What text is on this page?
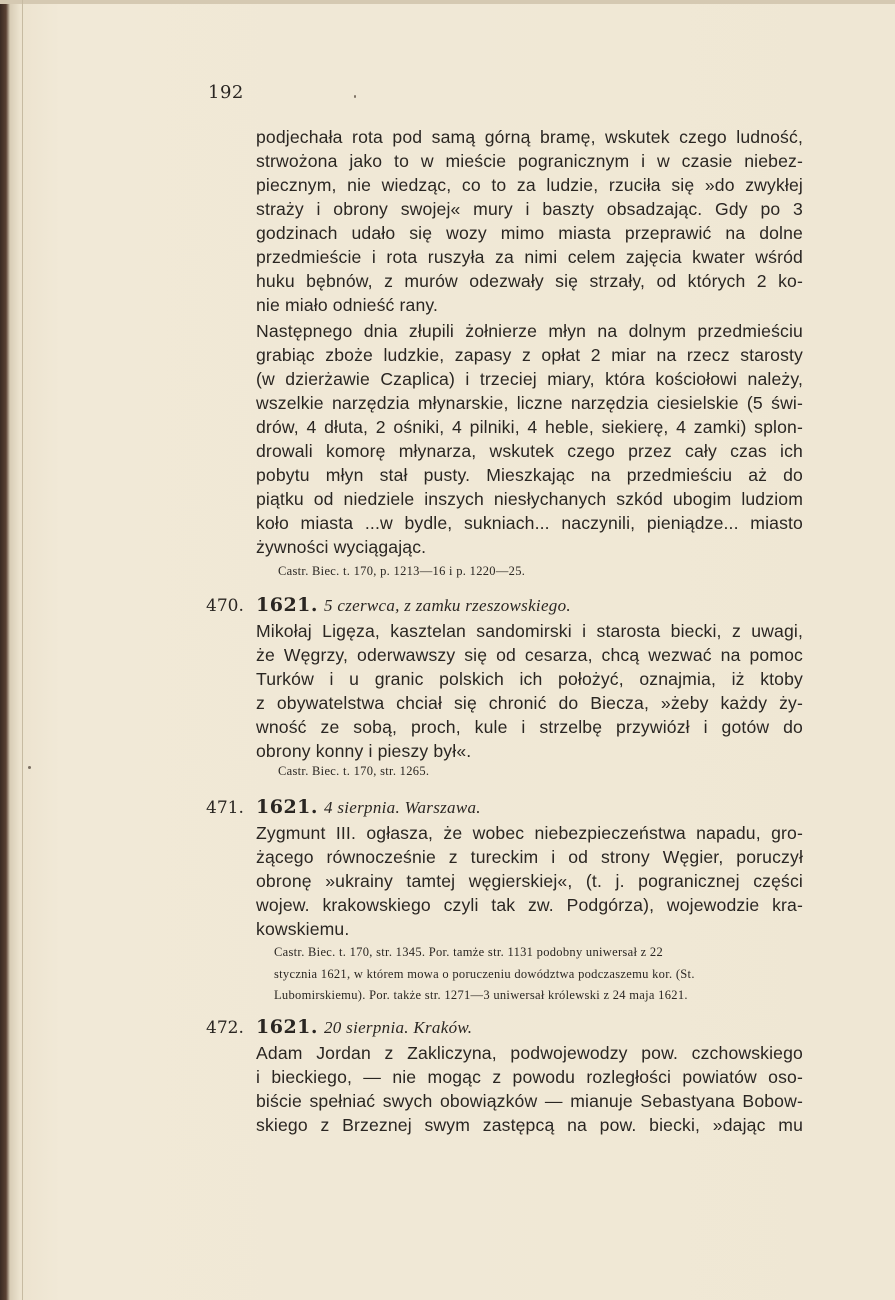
192
podjechała rota pod samą górną bramę, wskutek czego ludność,
strwożona jako to w mieście pogranicznym i w czasie niebez-
piecznym, nie wiedząc, co to za ludzie, rzuciła się »do zwykłej
straży i obrony swojej« mury i baszty obsadzając. Gdy po 3
godzinach udało się wozy mimo miasta przeprawić na dolne
przedmieście i rota ruszyła za nimi celem zajęcia kwater wśród
huku bębnów, z murów odezwały się strzały, od których 2 ko-
nie miało odnieść rany.
Następnego dnia złupili żołnierze młyn na dolnym przedmieściu
grabiąc zboże ludzkie, zapasy z opłat 2 miar na rzecz starosty
(w dzierżawie Czaplica) i trzeciej miary, która kościołowi należy,
wszelkie narzędzia młynarskie, liczne narzędzia ciesielskie (5 świ-
drów, 4 dłuta, 2 ośniki, 4 pilniki, 4 heble, siekierę, 4 zamki) splon-
drowali komorę młynarza, wskutek czego przez cały czas ich
pobytu młyn stał pusty. Mieszkając na przedmieściu aż do
piątku od niedziele inszych niesłychanych szkód ubogim ludziom
koło miasta ...w bydle, sukniach... naczynili, pieniądze... miasto
żywności wyciągając.
Castr. Biec. t. 170, p. 1213—16 i p. 1220—25.
470. 1621. 5 czerwca, z zamku rzeszowskiego.
Mikołaj Ligęza, kasztelan sandomirski i starosta biecki, z uwagi,
że Węgrzy, oderwawszy się od cesarza, chcą wezwać na pomoc
Turków i u granic polskich ich położyć, oznajmia, iż ktoby
z obywatelstwa chciał się chronić do Biecza, »żeby każdy ży-
wność ze sobą, proch, kule i strzelbę przywiózł i gotów do
obrony konny i pieszy był«.
Castr. Biec. t. 170, str. 1265.
471. 1621. 4 sierpnia. Warszawa.
Zygmunt III. ogłasza, że wobec niebezpieczeństwa napadu, gro-
żącego równocześnie z tureckim i od strony Węgier, poruczył
obronę »ukrainy tamtej węgierskiej«, (t. j. pogranicznej części
wojew. krakowskiego czyli tak zw. Podgórza), wojewodzie kra-
kowskiemu.
Castr. Biec. t. 170, str. 1345. Por. tamże str. 1131 podobny uniwersał z 22
stycznia 1621, w którem mowa o poruczeniu dowództwa podczaszemu kor. (St.
Lubomirskiemu). Por. także str. 1271—3 uniwersał królewski z 24 maja 1621.
472. 1621. 20 sierpnia. Kraków.
Adam Jordan z Zakliczyna, podwojewodzy pow. czchowskiego
i bieckiego, — nie mogąc z powodu rozległości powiatów oso-
biście spełniać swych obowiązków — mianuje Sebastyana Bobow-
skiego z Brzeznej swym zastępcą na pow. biecki, »dając mu
